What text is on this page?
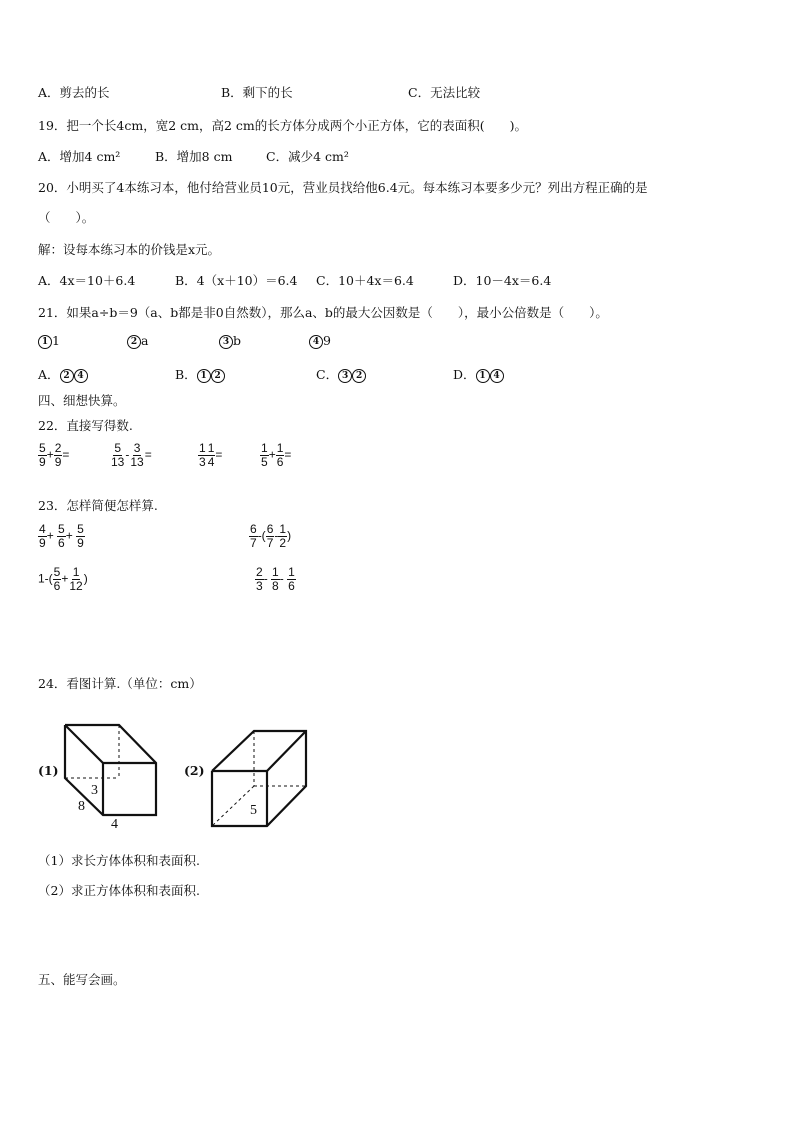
A．剪去的长	B．剩下的长	C．无法比较
19．把一个长4cm，宽2 cm，高2 cm的长方体分成两个小正方体，它的表面积(　　)。
A．增加4 cm²	B．增加8 cm	C．减少4 cm²
20．小明买了4本练习本，他付给营业员10元，营业员找给他6.4元。每本练习本要多少元？列出方程正确的是
（　　）。
解：设每本练习本的价钱是x元。
A．4x＝10＋6.4	B．4（x＋10）＝6.4 C．10＋4x＝6.4	D．10－4x＝6.4
21．如果a÷b＝9（a、b都是非0自然数），那么a、b的最大公因数是（　　），最小公倍数是（　　）。
1 1	2 a	3 b	4 9
A． 2 4	B． 1 2	C． 3 2	D． 1 4
四、细想快算。
22．直接写得数.
$\frac{5}{9} + \frac{2}{9}$ =	$\frac{5}{13} - \frac{3}{13}$ =	$\frac{1}{3} \frac{1}{4}$ =	$\frac{1}{5} + \frac{1}{6}$ =
23．怎样简便怎样算.
$\frac{4}{9} + \frac{5}{6} + \frac{5}{9}$	$\frac{6}{7}$ -( $\frac{6}{7} - \frac{1}{2}$ )
$1-( \frac{5}{6} + \frac{1}{12}$ )	$\frac{2}{3} - \frac{1}{8} - \frac{1}{6}$
24．看图计算.（单位：cm）
(1)
3
8
4
(2)
5
（1）求长方体体积和表面积.
（2）求正方体体积和表面积.
五、能写会画。
